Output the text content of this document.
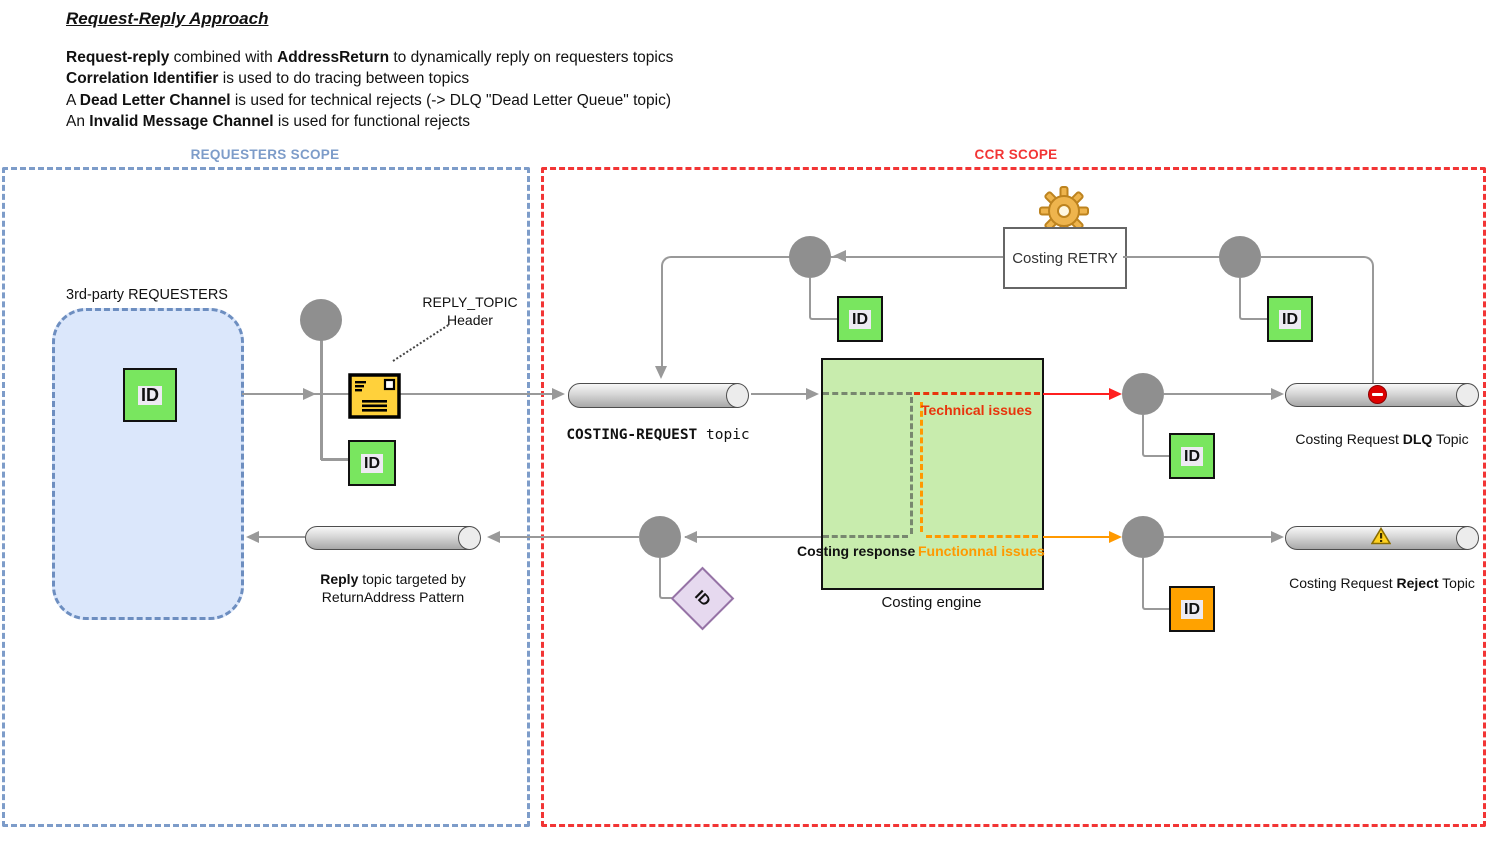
Request-Reply Approach
Request-reply combined with AddressReturn to dynamically reply on requesters topics
Correlation Identifier is used to do tracing between topics
A Dead Letter Channel is used for technical rejects (-> DLQ "Dead Letter Queue" topic)
An Invalid Message Channel is used for functional rejects
REQUESTERS SCOPE	CCR SCOPE
3rd-party REQUESTERS
ID
ID
REPLY_TOPIC
Header
COSTING-REQUEST topic
Costing RETRY
ID	ID
Costing engine
Technical issues
Functionnal issues
Costing response
Costing Request DLQ Topic
ID
Costing Request Reject Topic
ID
Reply topic targeted by
ReturnAddress Pattern	ID
